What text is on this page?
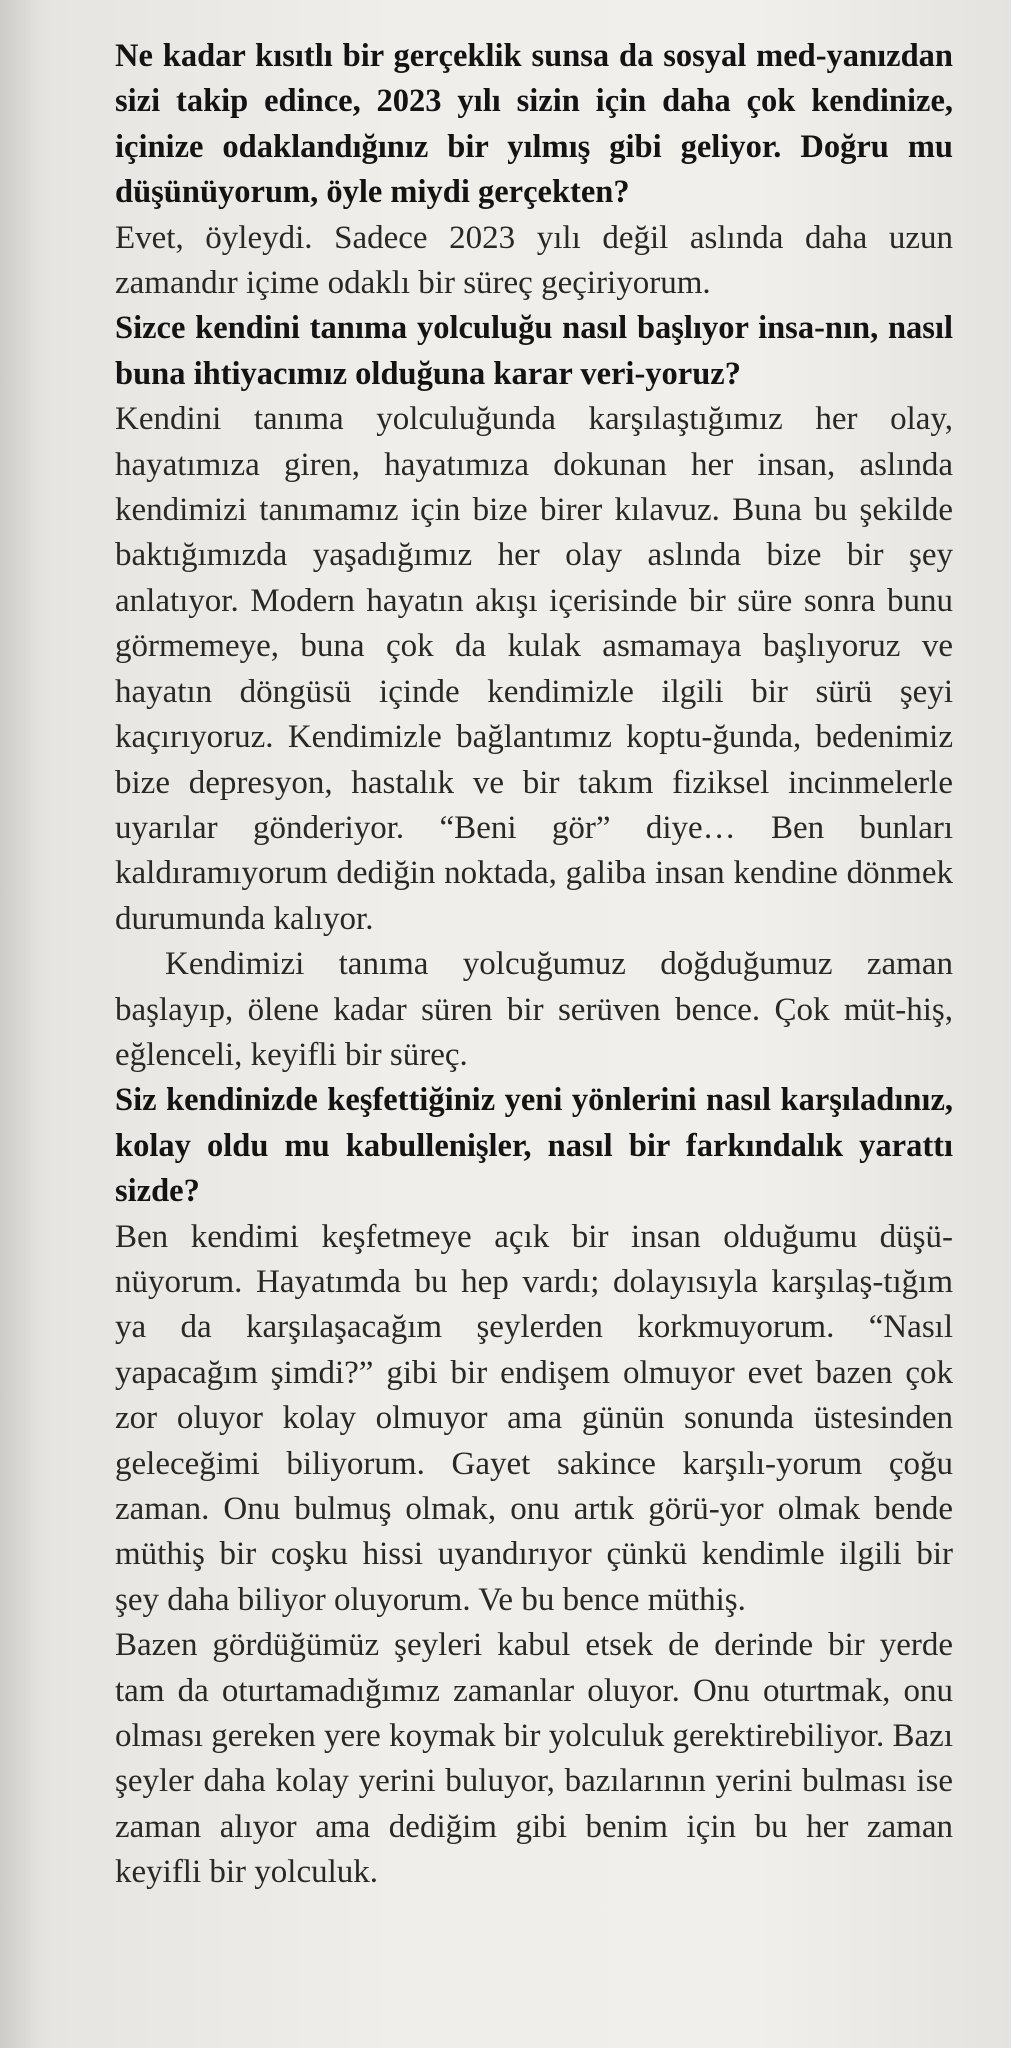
Ne kadar kısıtlı bir gerçeklik sunsa da sosyal med-yanızdan sizi takip edince, 2023 yılı sizin için daha çok kendinize, içinize odaklandığınız bir yılmış gibi geliyor. Doğru mu düşünüyorum, öyle miydi gerçekten?

Evet, öyleydi. Sadece 2023 yılı değil aslında daha uzun zamandır içime odaklı bir süreç geçiriyorum.

Sizce kendini tanıma yolculuğu nasıl başlıyor insa-nın, nasıl buna ihtiyacımız olduğuna karar veri-yoruz?

Kendini tanıma yolculuğunda karşılaştığımız her olay, hayatımıza giren, hayatımıza dokunan her insan, aslında kendimizi tanımamız için bize birer kılavuz. Buna bu şekilde baktığımızda yaşadığımız her olay aslında bize bir şey anlatıyor. Modern hayatın akışı içerisinde bir süre sonra bunu görmemeye, buna çok da kulak asmamaya başlıyoruz ve hayatın döngüsü içinde kendimizle ilgili bir sürü şeyi kaçırıyoruz. Kendimizle bağlantımız koptu-ğunda, bedenimiz bize depresyon, hastalık ve bir takım fiziksel incinmelerle uyarılar gönderiyor. “Beni gör” diye… Ben bunları kaldıramıyorum dediğin noktada, galiba insan kendine dönmek durumunda kalıyor.

Kendimizi tanıma yolcuğumuz doğduğumuz zaman başlayıp, ölene kadar süren bir serüven bence. Çok müt-hiş, eğlenceli, keyifli bir süreç.

Siz kendinizde keşfettiğiniz yeni yönlerini nasıl karşıladınız, kolay oldu mu kabullenişler, nasıl bir farkındalık yarattı sizde?

Ben kendimi keşfetmeye açık bir insan olduğumu düşü-nüyorum. Hayatımda bu hep vardı; dolayısıyla karşılaş-tığım ya da karşılaşacağım şeylerden korkmuyorum. “Nasıl yapacağım şimdi?” gibi bir endişem olmuyor evet bazen çok zor oluyor kolay olmuyor ama günün sonunda üstesinden geleceğimi biliyorum. Gayet sakince karşılı-yorum çoğu zaman. Onu bulmuş olmak, onu artık görü-yor olmak bende müthiş bir coşku hissi uyandırıyor çünkü kendimle ilgili bir şey daha biliyor oluyorum. Ve bu bence müthiş.

Bazen gördüğümüz şeyleri kabul etsek de derinde bir yerde tam da oturtamadığımız zamanlar oluyor. Onu oturtmak, onu olması gereken yere koymak bir yolculuk gerektirebiliyor. Bazı şeyler daha kolay yerini buluyor, bazılarının yerini bulması ise zaman alıyor ama dediğim gibi benim için bu her zaman keyifli bir yolculuk.
